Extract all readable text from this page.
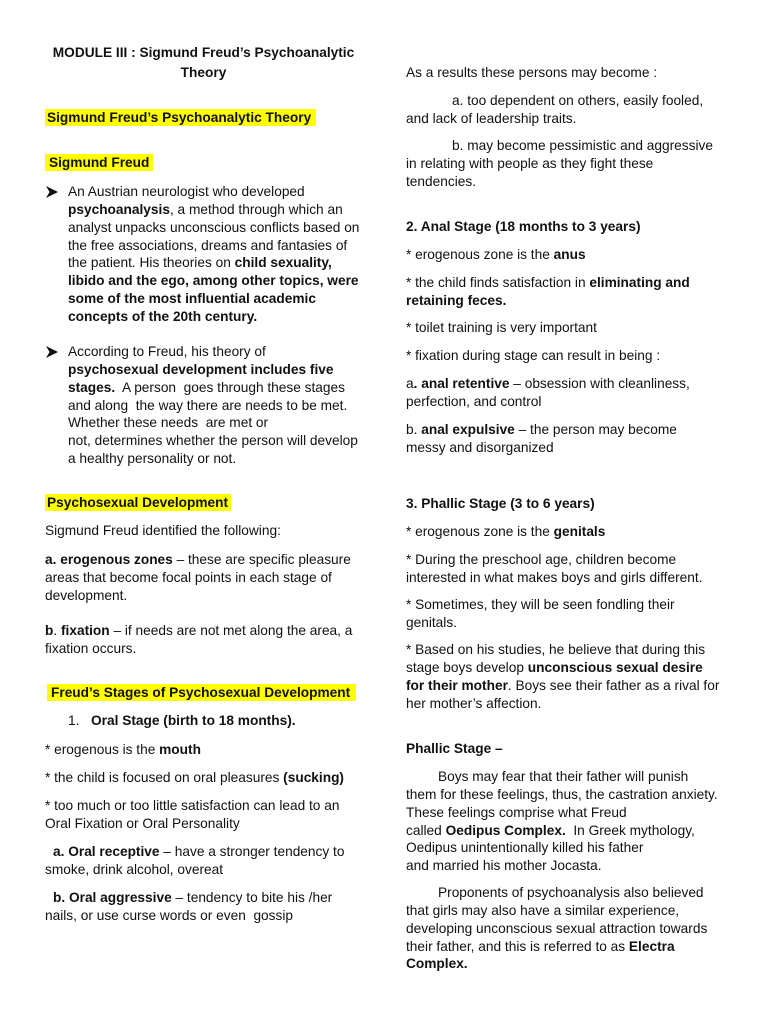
MODULE III : Sigmund Freud’s Psychoanalytic
Theory
Sigmund Freud’s Psychoanalytic Theory
Sigmund Freud
An Austrian neurologist who developed
psychoanalysis, a method through which an
analyst unpacks unconscious conflicts based on
the free associations, dreams and fantasies of
the patient. His theories on child sexuality,
libido and the ego, among other topics, were
some of the most influential academic
concepts of the 20th century.
According to Freud, his theory of
psychosexual development includes five
stages.  A person  goes through these stages
and along  the way there are needs to be met.
Whether these needs  are met or
not, determines whether the person will develop
a healthy personality or not.
Psychosexual Development
Sigmund Freud identified the following:
a. erogenous zones – these are specific pleasure
areas that become focal points in each stage of
development.
b. fixation – if needs are not met along the area, a
fixation occurs.
Freud’s Stages of Psychosexual Development
1. Oral Stage (birth to 18 months).
* erogenous is the mouth
* the child is focused on oral pleasures (sucking)
* too much or too little satisfaction can lead to an
Oral Fixation or Oral Personality
a. Oral receptive – have a stronger tendency to
smoke, drink alcohol, overeat
b. Oral aggressive – tendency to bite his /her
nails, or use curse words or even  gossip
As a results these persons may become :
a. too dependent on others, easily fooled,
and lack of leadership traits.
b. may become pessimistic and aggressive
in relating with people as they fight these
tendencies.
2. Anal Stage (18 months to 3 years)
* erogenous zone is the anus
* the child finds satisfaction in eliminating and
retaining feces.
* toilet training is very important
* fixation during stage can result in being :
a. anal retentive – obsession with cleanliness,
perfection, and control
b. anal expulsive – the person may become
messy and disorganized
3. Phallic Stage (3 to 6 years)
* erogenous zone is the genitals
* During the preschool age, children become
interested in what makes boys and girls different.
* Sometimes, they will be seen fondling their
genitals.
* Based on his studies, he believe that during this
stage boys develop unconscious sexual desire
for their mother. Boys see their father as a rival for
her mother’s affection.
Phallic Stage –
Boys may fear that their father will punish
them for these feelings, thus, the castration anxiety.
These feelings comprise what Freud
called Oedipus Complex.  In Greek mythology,
Oedipus unintentionally killed his father
and married his mother Jocasta.
Proponents of psychoanalysis also believed
that girls may also have a similar experience,
developing unconscious sexual attraction towards
their father, and this is referred to as Electra
Complex.
